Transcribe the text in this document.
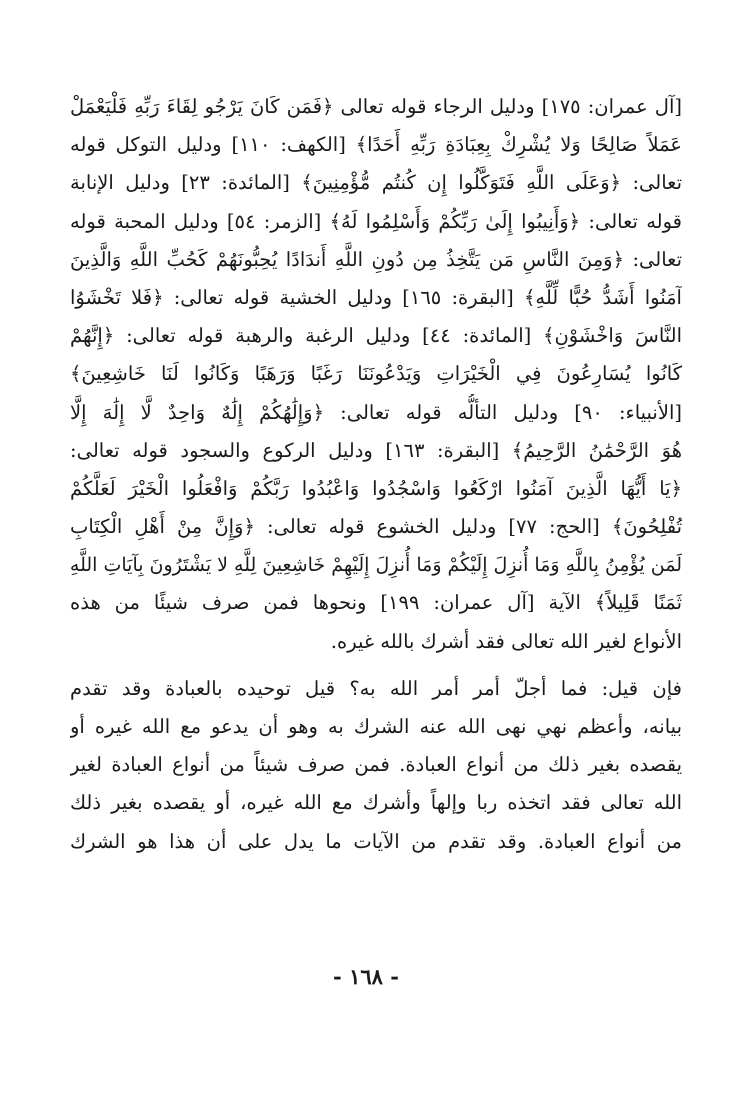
[آل عمران: ١٧٥] ودليل الرجاء قوله تعالى ﴿فَمَن كَانَ يَرْجُو لِقَاءَ رَبِّهِ فَلْيَعْمَلْ
عَمَلاً صَالِحًا وَلا يُشْرِكْ بِعِبَادَةِ رَبِّهِ أَحَدًا﴾ [الكهف: ١١٠] ودليل التوكل قوله
تعالى: ﴿وَعَلَى اللَّهِ فَتَوَكَّلُوا إِن كُنتُم مُّؤْمِنِينَ﴾ [المائدة: ٢٣] ودليل الإنابة
قوله تعالى: ﴿وَأَنِيبُوا إِلَىٰ رَبِّكُمْ وَأَسْلِمُوا لَهُ﴾ [الزمر: ٥٤] ودليل المحبة قوله
تعالى: ﴿وَمِنَ النَّاسِ مَن يَتَّخِذُ مِن دُونِ اللَّهِ أَندَادًا يُحِبُّونَهُمْ كَحُبِّ اللَّهِ وَالَّذِينَ
آمَنُوا أَشَدُّ حُبًّا لِّلَّهِ﴾ [البقرة: ١٦٥] ودليل الخشية قوله تعالى: ﴿فَلا تَخْشَوُا
النَّاسَ وَاخْشَوْنِ﴾ [المائدة: ٤٤] ودليل الرغبة والرهبة قوله تعالى: ﴿إِنَّهُمْ
كَانُوا يُسَارِعُونَ فِي الْخَيْرَاتِ وَيَدْعُونَنَا رَغَبًا وَرَهَبًا وَكَانُوا لَنَا خَاشِعِينَ﴾
[الأنبياء: ٩٠] ودليل التألُّه قوله تعالى: ﴿وَإِلَٰهُكُمْ إِلَٰهٌ وَاحِدٌ لَّا إِلَٰهَ إِلَّا
هُوَ الرَّحْمَٰنُ الرَّحِيمُ﴾ [البقرة: ١٦٣] ودليل الركوع والسجود قوله تعالى:
﴿يَا أَيُّهَا الَّذِينَ آمَنُوا ارْكَعُوا وَاسْجُدُوا وَاعْبُدُوا رَبَّكُمْ وَافْعَلُوا الْخَيْرَ لَعَلَّكُمْ
تُفْلِحُونَ﴾ [الحج: ٧٧] ودليل الخشوع قوله تعالى: ﴿وَإِنَّ مِنْ أَهْلِ الْكِتَابِ
لَمَن يُؤْمِنُ بِاللَّهِ وَمَا أُنزِلَ إِلَيْكُمْ وَمَا أُنزِلَ إِلَيْهِمْ خَاشِعِينَ لِلَّهِ لا يَشْتَرُونَ بِآيَاتِ اللَّهِ
ثَمَنًا قَلِيلاً﴾ الآية [آل عمران: ١٩٩] ونحوها فمن صرف شيئًا من هذه
الأنواع لغير الله تعالى فقد أشرك بالله غيره.
فإن قيل: فما أجلّ أمر أمر الله به؟ قيل توحيده بالعبادة وقد تقدم
بيانه، وأعظم نهي نهى الله عنه الشرك به وهو أن يدعو مع الله غيره أو
يقصده بغير ذلك من أنواع العبادة. فمن صرف شيئاً من أنواع العبادة لغير
الله تعالى فقد اتخذه ربا وإلهاً وأشرك مع الله غيره، أو يقصده بغير ذلك
من أنواع العبادة. وقد تقدم من الآيات ما يدل على أن هذا هو الشرك
- ١٦٨ -
